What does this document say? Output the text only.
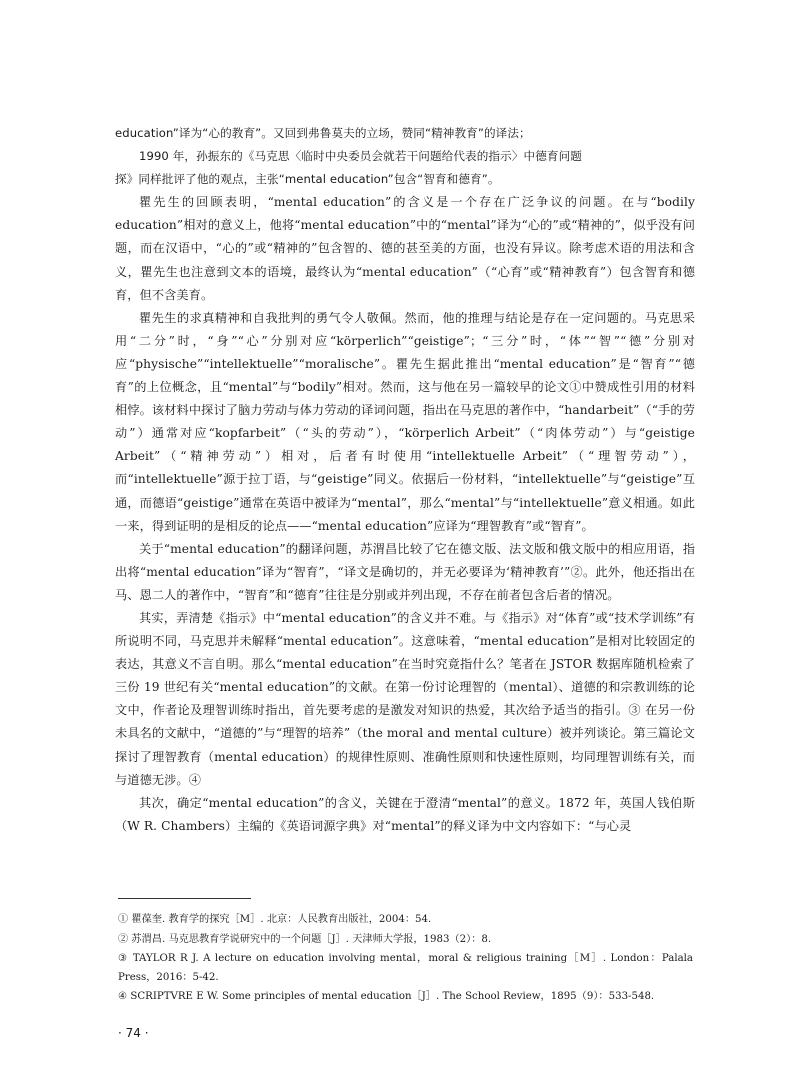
education”译为“心的教育”。又回到弗鲁莫夫的立场，赞同“精神教育”的译法；

1990 年，孙振东的《马克思〈临时中央委员会就若干问题给代表的指示〉中德育问题

探》同样批评了他的观点，主张“mental education”包含“智育和德育”。

瞿先生的回顾表明，“mental education”的含义是一个存在广泛争议的问题。在与“bodily education”相对的意义上，他将“mental education”中的“mental”译为“心的”或“精神的”，似乎没有问题，而在汉语中，“心的”或“精神的”包含智的、德的甚至美的方面，也没有异议。除考虑术语的用法和含义，瞿先生也注意到文本的语境，最终认为“mental education”（“心育”或“精神教育”）包含智育和德育，但不含美育。

瞿先生的求真精神和自我批判的勇气令人敬佩。然而，他的推理与结论是存在一定问题的。马克思采用“二分”时，“身”“心”分别对应“körperlich”“geistige”；“三分”时，“体”“智”“德”分别对应“physische”“intellektuelle”“moralische”。瞿先生据此推出“mental education”是“智育”“德育”的上位概念，且“mental”与“bodily”相对。然而，这与他在另一篇较早的论文①中赞成性引用的材料相悖。该材料中探讨了脑力劳动与体力劳动的译词问题，指出在马克思的著作中，“handarbeit”（“手的劳动”）通常对应“kopfarbeit”（“头的劳动”），“körperlich Arbeit”（“肉体劳动”）与“geistige Arbeit”（“精神劳动”）相对，后者有时使用“intellektuelle Arbeit”（“理智劳动”），而“intellektuelle”源于拉丁语，与“geistige”同义。依据后一份材料，“intellektuelle”与“geistige”互通，而德语“geistige”通常在英语中被译为“mental”，那么“mental”与“intellektuelle”意义相通。如此一来，得到证明的是相反的论点——“mental education”应译为“理智教育”或“智育”。

关于“mental education”的翻译问题，苏渭昌比较了它在德文版、法文版和俄文版中的相应用语，指出将“mental education”译为“智育”，“译文是确切的，并无必要译为‘精神教育’”②。此外，他还指出在马、恩二人的著作中，“智育”和“德育”往往是分别或并列出现，不存在前者包含后者的情况。

其实，弄清楚《指示》中“mental education”的含义并不难。与《指示》对“体育”或“技术学训练”有所说明不同，马克思并未解释“mental education”。这意味着，“mental education”是相对比较固定的表达，其意义不言自明。那么“mental education”在当时究竟指什么？笔者在 JSTOR 数据库随机检索了三份 19 世纪有关“mental education”的文献。在第一份讨论理智的（mental）、道德的和宗教训练的论文中，作者论及理智训练时指出，首先要考虑的是激发对知识的热爱，其次给予适当的指引。③ 在另一份未具名的文献中，“道德的”与“理智的培养”（the moral and mental culture）被并列谈论。第三篇论文探讨了理智教育（mental education）的规律性原则、准确性原则和快速性原则，均同理智训练有关，而与道德无涉。④

其次，确定“mental education”的含义，关键在于澄清“mental”的意义。1872 年，英国人钱伯斯（W R. Chambers）主编的《英语词源字典》对“mental”的释义译为中文内容如下：“与心灵

① 瞿葆奎. 教育学的探究［M］. 北京：人民教育出版社，2004：54.

② 苏渭昌. 马克思教育学说研究中的一个问题［J］. 天津师大学报，1983（2）：8.

③ TAYLOR R J. A lecture on education involving mental，moral & religious training［M］. London：Palala Press，2016：5-42.

④ SCRIPTVRE E W. Some principles of mental education［J］. The School Review，1895（9）：533-548.

· 74 ·
